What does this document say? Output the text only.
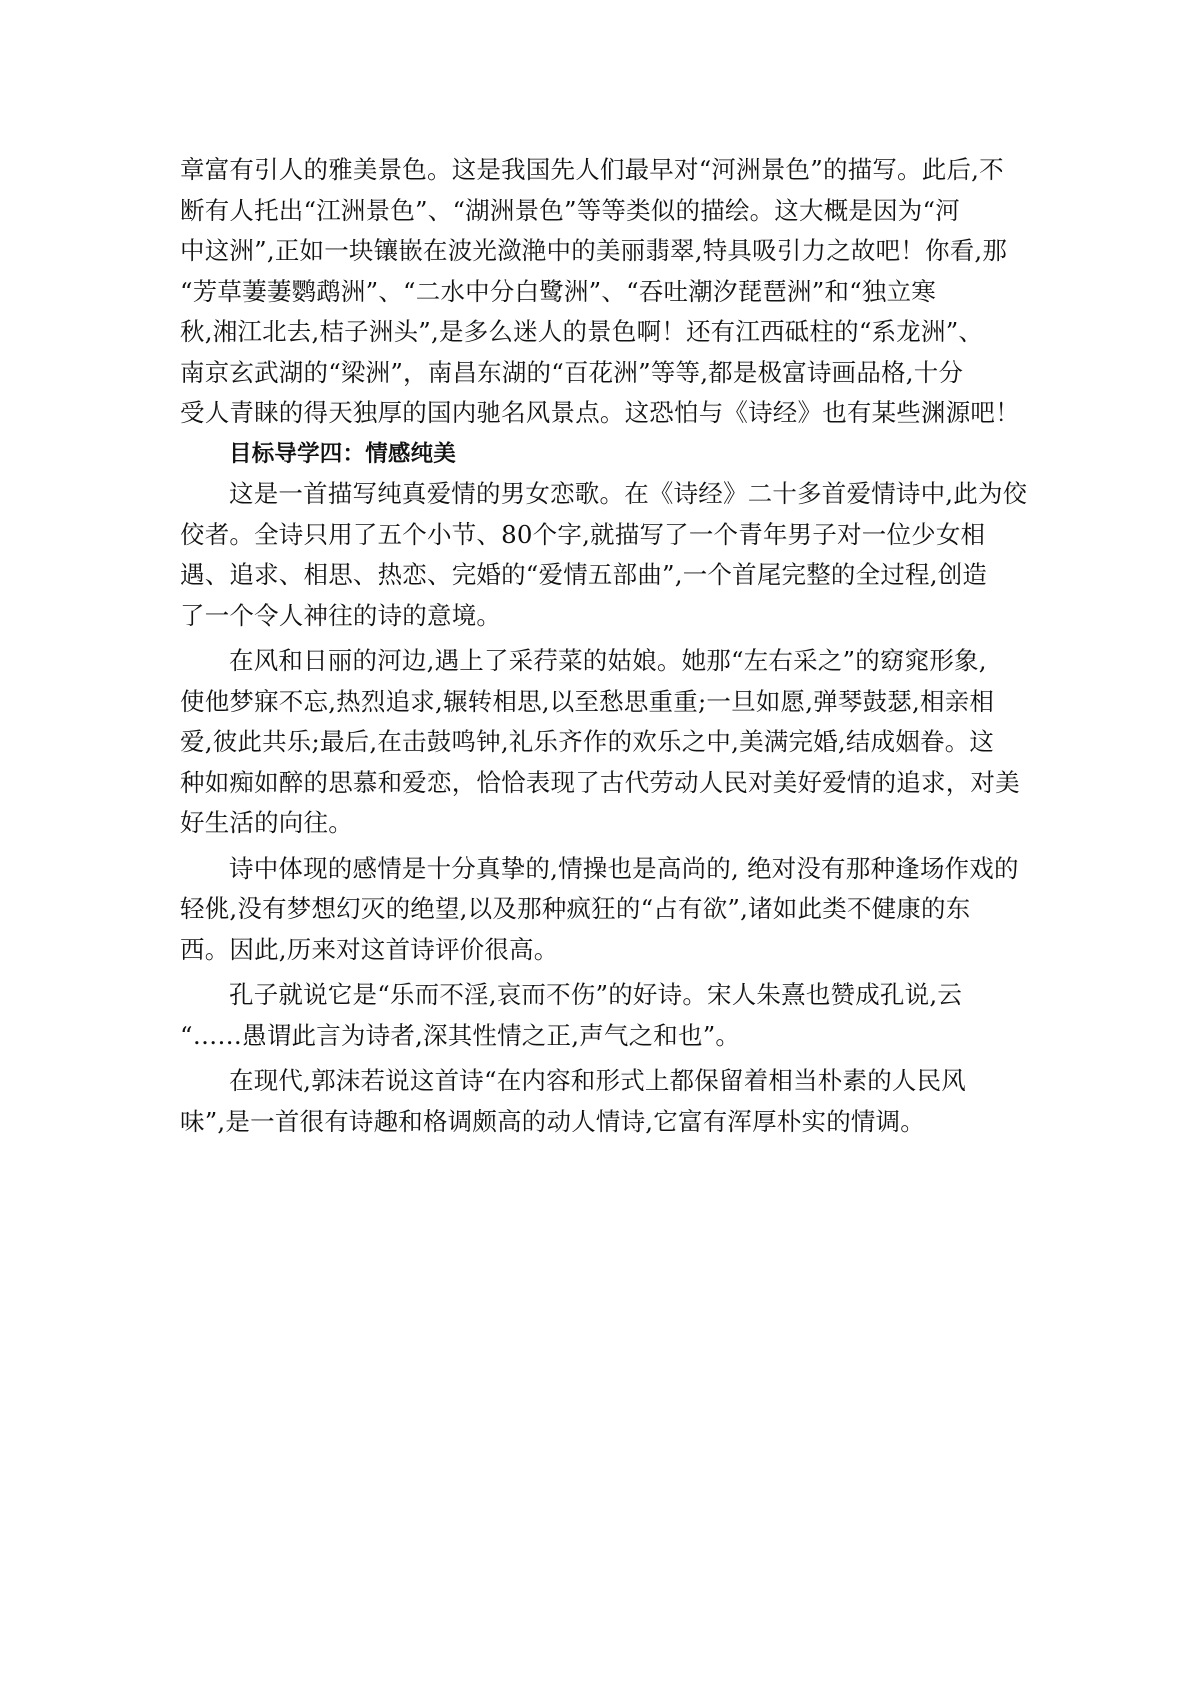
章富有引人的雅美景色。这是我国先人们最早对“河洲景色”的描写。此后,不

断有人托出“江洲景色”、“湖洲景色”等等类似的描绘。这大概是因为“河

中这洲”,正如一块镶嵌在波光潋滟中的美丽翡翠,特具吸引力之故吧！你看,那

“芳草萋萋鹦鹉洲”、“二水中分白鹭洲”、“吞吐潮汐琵琶洲”和“独立寒

秋,湘江北去,桔子洲头”,是多么迷人的景色啊！还有江西砥柱的“系龙洲”、

南京玄武湖的“梁洲”，南昌东湖的“百花洲”等等,都是极富诗画品格,十分

受人青睐的得天独厚的国内驰名风景点。这恐怕与《诗经》也有某些渊源吧！

目标导学四：情感纯美

这是一首描写纯真爱情的男女恋歌。在《诗经》二十多首爱情诗中,此为佼

佼者。全诗只用了五个小节、80个字,就描写了一个青年男子对一位少女相

遇、追求、相思、热恋、完婚的“爱情五部曲”,一个首尾完整的全过程,创造

了一个令人神往的诗的意境。

在风和日丽的河边,遇上了采荇菜的姑娘。她那“左右采之”的窈窕形象,

使他梦寐不忘,热烈追求,辗转相思,以至愁思重重;一旦如愿,弹琴鼓瑟,相亲相

爱,彼此共乐;最后,在击鼓鸣钟,礼乐齐作的欢乐之中,美满完婚,结成姻眷。这

种如痴如醉的思慕和爱恋，恰恰表现了古代劳动人民对美好爱情的追求，对美

好生活的向往。

诗中体现的感情是十分真挚的,情操也是高尚的, 绝对没有那种逢场作戏的

轻佻,没有梦想幻灭的绝望,以及那种疯狂的“占有欲”,诸如此类不健康的东

西。因此,历来对这首诗评价很高。

孔子就说它是“乐而不淫,哀而不伤”的好诗。宋人朱熹也赞成孔说,云

“……愚谓此言为诗者,深其性情之正,声气之和也”。

在现代,郭沫若说这首诗“在内容和形式上都保留着相当朴素的人民风

味”,是一首很有诗趣和格调颇高的动人情诗,它富有浑厚朴实的情调。
